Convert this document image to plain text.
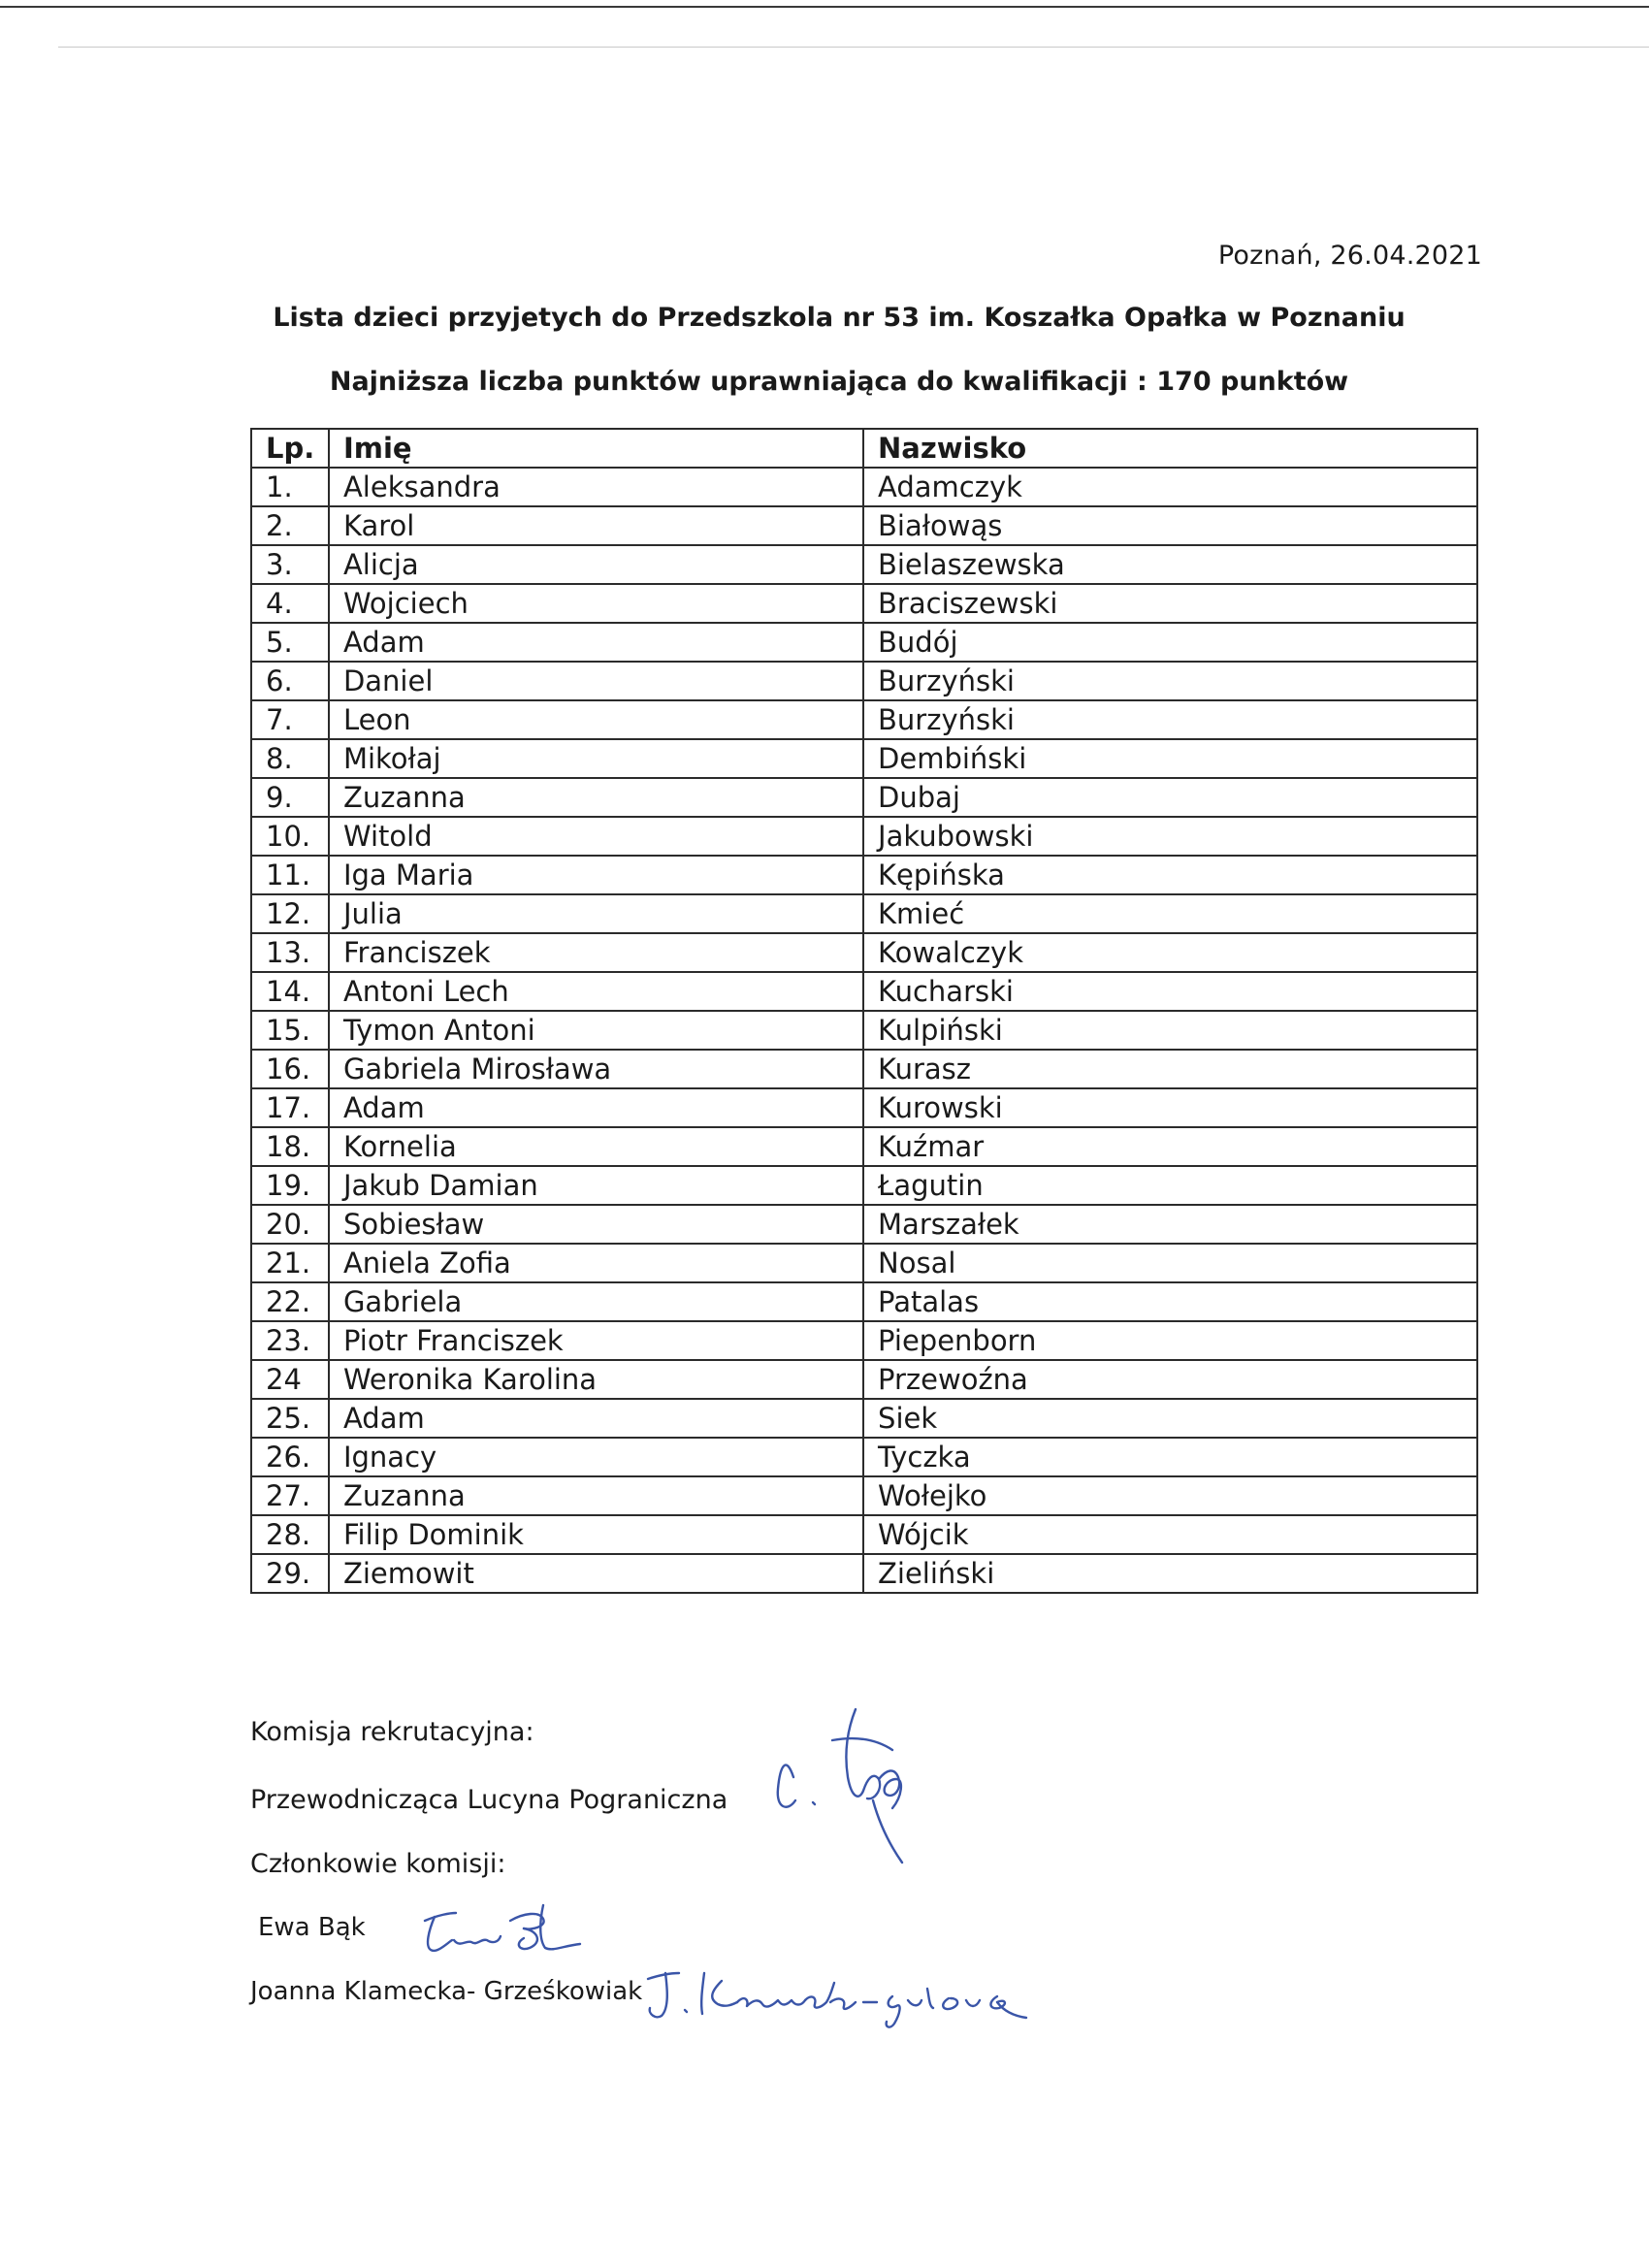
Poznań, 26.04.2021
Lista dzieci przyjetych do Przedszkola nr 53 im. Koszałka Opałka w Poznaniu
Najniższa liczba punktów uprawniająca do kwalifikacji : 170 punktów
Lp.	Imię	Nazwisko
1.	Aleksandra	Adamczyk
2.	Karol	Białowąs
3.	Alicja	Bielaszewska
4.	Wojciech	Braciszewski
5.	Adam	Budój
6.	Daniel	Burzyński
7.	Leon	Burzyński
8.	Mikołaj	Dembiński
9.	Zuzanna	Dubaj
10.	Witold	Jakubowski
11.	Iga Maria	Kępińska
12.	Julia	Kmieć
13.	Franciszek	Kowalczyk
14.	Antoni Lech	Kucharski
15.	Tymon Antoni	Kulpiński
16.	Gabriela Mirosława	Kurasz
17.	Adam	Kurowski
18.	Kornelia	Kuźmar
19.	Jakub Damian	Łagutin
20.	Sobiesław	Marszałek
21.	Aniela Zofia	Nosal
22.	Gabriela	Patalas
23.	Piotr Franciszek	Piepenborn
24	Weronika Karolina	Przewoźna
25.	Adam	Siek
26.	Ignacy	Tyczka
27.	Zuzanna	Wołejko
28.	Filip Dominik	Wójcik
29.	Ziemowit	Zieliński
Komisja rekrutacyjna:
Przewodnicząca Lucyna Pograniczna
Członkowie komisji:
Ewa Bąk
Joanna Klamecka- Grześkowiak
